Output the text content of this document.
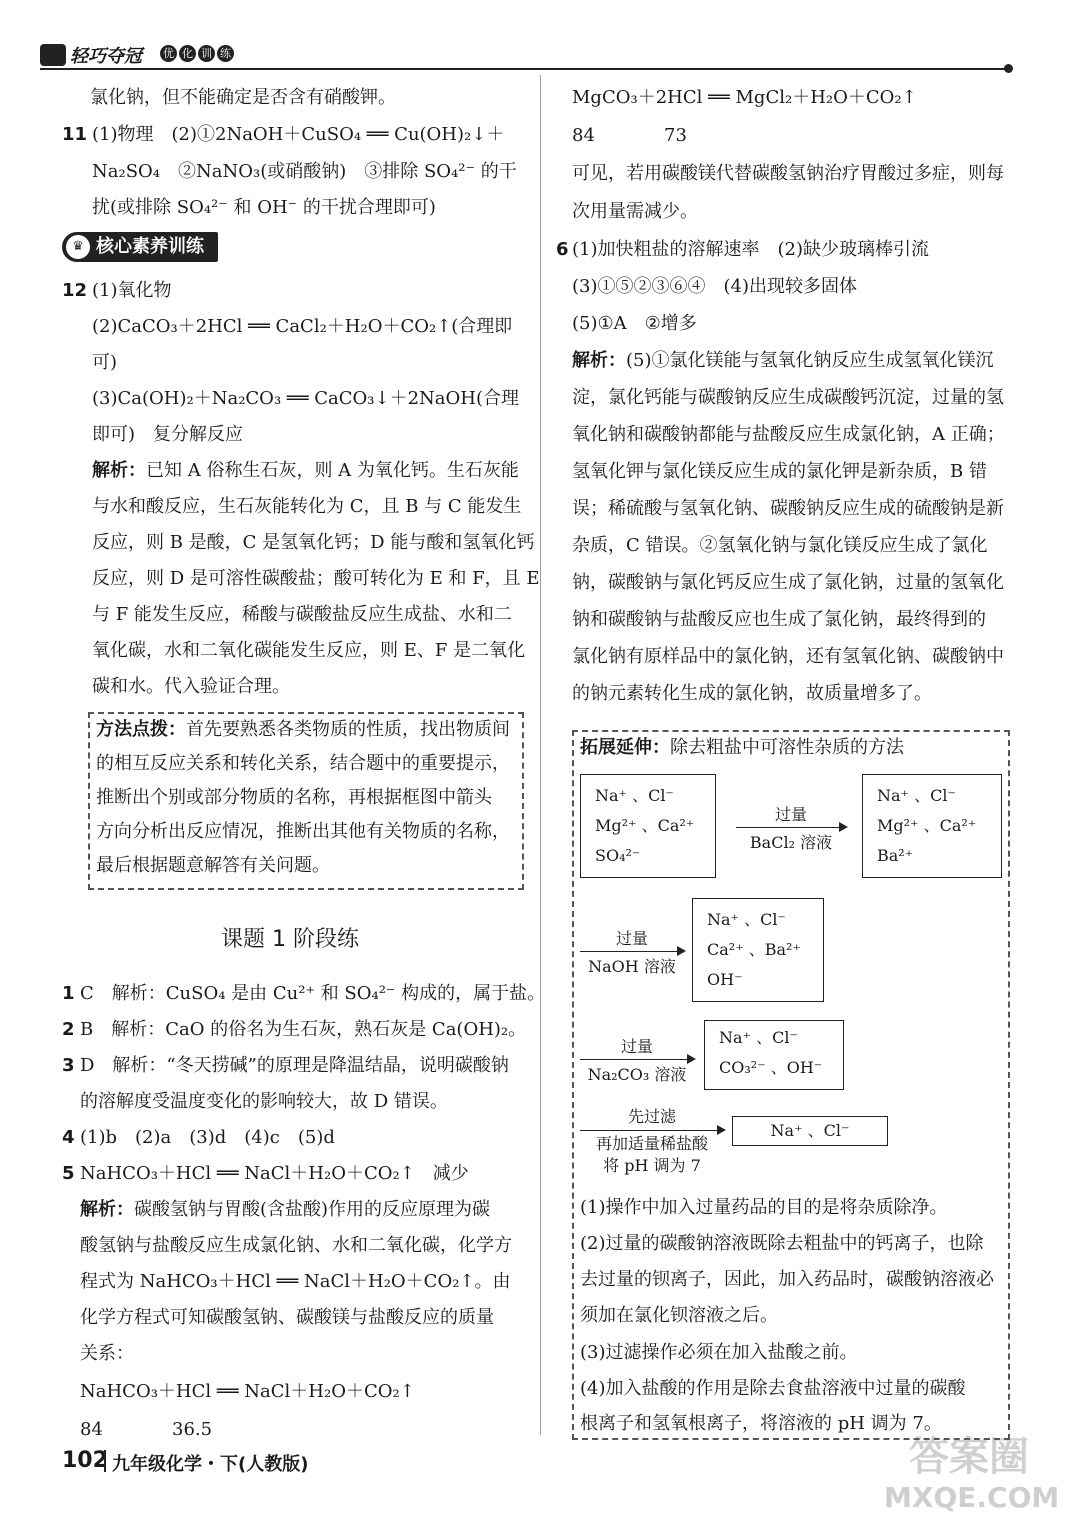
轻巧夺冠 优 化 训 练
氯化钠，但不能确定是否含有硝酸钾。
11 (1)物理　(2)①2NaOH＋CuSO₄ ══ Cu(OH)₂↓＋
Na₂SO₄　②NaNO₃(或硝酸钠)　③排除 SO₄²⁻ 的干
扰(或排除 SO₄²⁻ 和 OH⁻ 的干扰合理即可)
♛ 核心素养训练
12 (1)氧化物
(2)CaCO₃＋2HCl ══ CaCl₂＋H₂O＋CO₂↑(合理即
可)
(3)Ca(OH)₂＋Na₂CO₃ ══ CaCO₃↓＋2NaOH(合理
即可)　复分解反应
解析：已知 A 俗称生石灰，则 A 为氧化钙。生石灰能
与水和酸反应，生石灰能转化为 C，且 B 与 C 能发生
反应，则 B 是酸，C 是氢氧化钙；D 能与酸和氢氧化钙
反应，则 D 是可溶性碳酸盐；酸可转化为 E 和 F，且 E
与 F 能发生反应，稀酸与碳酸盐反应生成盐、水和二
氧化碳，水和二氧化碳能发生反应，则 E、F 是二氧化
碳和水。代入验证合理。
方法点拨：首先要熟悉各类物质的性质，找出物质间
的相互反应关系和转化关系，结合题中的重要提示，
推断出个别或部分物质的名称，再根据框图中箭头
方向分析出反应情况，推断出其他有关物质的名称，
最后根据题意解答有关问题。
课题 1 阶段练
1 C　解析：CuSO₄ 是由 Cu²⁺ 和 SO₄²⁻ 构成的，属于盐。
2 B　解析：CaO 的俗名为生石灰，熟石灰是 Ca(OH)₂。
3 D　解析：“冬天捞碱”的原理是降温结晶，说明碳酸钠
的溶解度受温度变化的影响较大，故 D 错误。
4 (1)b　(2)a　(3)d　(4)c　(5)d
5 NaHCO₃＋HCl ══ NaCl＋H₂O＋CO₂↑　减少
解析：碳酸氢钠与胃酸(含盐酸)作用的反应原理为碳
酸氢钠与盐酸反应生成氯化钠、水和二氧化碳，化学方
程式为 NaHCO₃＋HCl ══ NaCl＋H₂O＋CO₂↑。由
化学方程式可知碳酸氢钠、碳酸镁与盐酸反应的质量
关系：
NaHCO₃＋HCl ══ NaCl＋H₂O＋CO₂↑
84	36.5
MgCO₃＋2HCl ══ MgCl₂＋H₂O＋CO₂↑
84	73
可见，若用碳酸镁代替碳酸氢钠治疗胃酸过多症，则每
次用量需减少。
6 (1)加快粗盐的溶解速率　(2)缺少玻璃棒引流
(3)①⑤②③⑥④　(4)出现较多固体
(5)①A　②增多
解析：(5)①氯化镁能与氢氧化钠反应生成氢氧化镁沉
淀，氯化钙能与碳酸钠反应生成碳酸钙沉淀，过量的氢
氧化钠和碳酸钠都能与盐酸反应生成氯化钠，A 正确；
氢氧化钾与氯化镁反应生成的氯化钾是新杂质，B 错
误；稀硫酸与氢氧化钠、碳酸钠反应生成的硫酸钠是新
杂质，C 错误。②氢氧化钠与氯化镁反应生成了氯化
钠，碳酸钠与氯化钙反应生成了氯化钠，过量的氢氧化
钠和碳酸钠与盐酸反应也生成了氯化钠，最终得到的
氯化钠有原样品中的氯化钠，还有氢氧化钠、碳酸钠中
的钠元素转化生成的氯化钠，故质量增多了。
拓展延伸：除去粗盐中可溶性杂质的方法
Na⁺ 、Cl⁻
Mg²⁺ 、Ca²⁺
SO₄²⁻
过量
BaCl₂ 溶液
Na⁺ 、Cl⁻
Mg²⁺ 、Ca²⁺
Ba²⁺
过量
NaOH 溶液
Na⁺ 、Cl⁻
Ca²⁺ 、Ba²⁺
OH⁻
过量
Na₂CO₃ 溶液
Na⁺ 、Cl⁻
CO₃²⁻ 、OH⁻
先过滤
再加适量稀盐酸
将 pH 调为 7
Na⁺ 、Cl⁻
(1)操作中加入过量药品的目的是将杂质除净。
(2)过量的碳酸钠溶液既除去粗盐中的钙离子，也除
去过量的钡离子，因此，加入药品时，碳酸钠溶液必
须加在氯化钡溶液之后。
(3)过滤操作必须在加入盐酸之前。
(4)加入盐酸的作用是除去食盐溶液中过量的碳酸
根离子和氢氧根离子，将溶液的 pH 调为 7。
102 九年级化学・下(人教版)	答案圈
MXQE.COM
